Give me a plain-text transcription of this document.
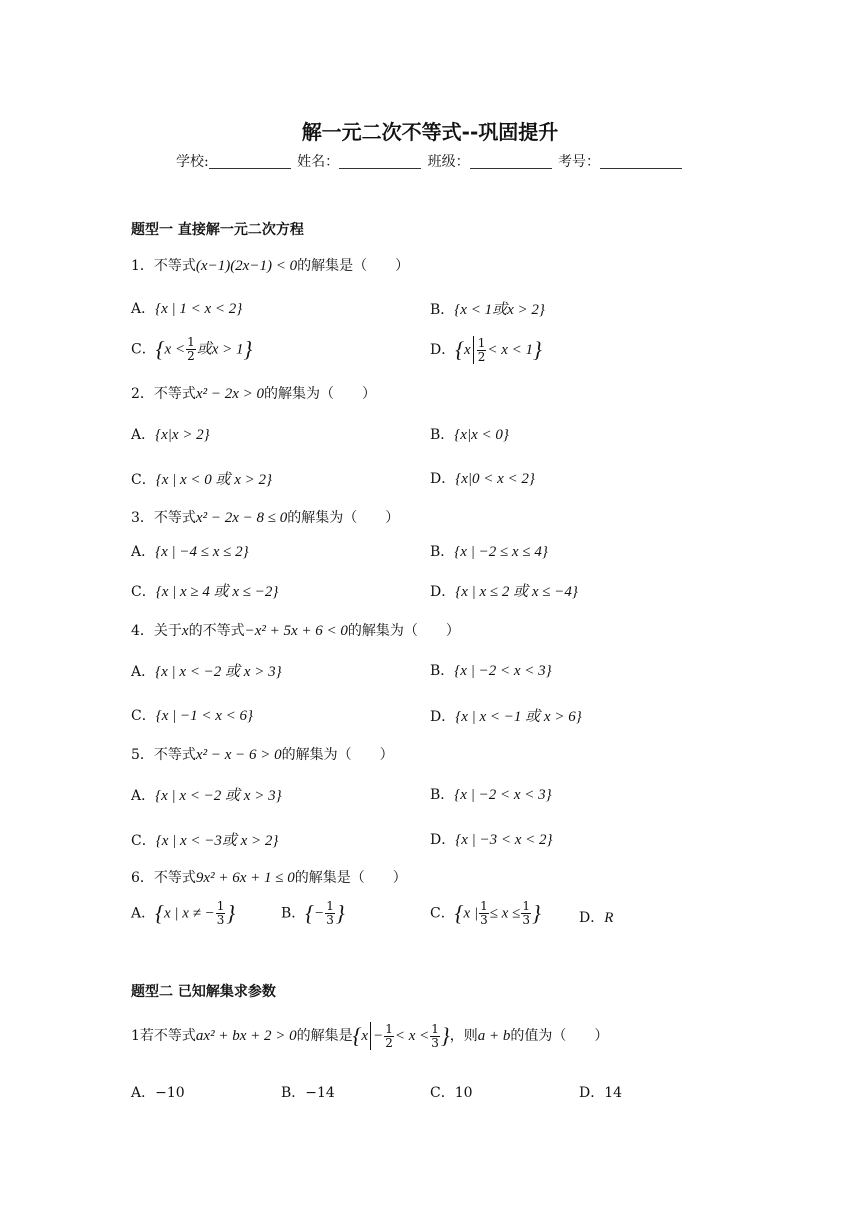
解一元二次不等式--巩固提升
学校:	姓名：	班级：	考号：
题型一 直接解一元二次方程
1．不等式(x−1)(2x−1) < 0的解集是（　　）
A．{x | 1 < x < 2}	B．{x < 1或x > 2}
C．{$x < \frac{1}{2}$ 或x > 1}	D．$\{x \frac{1}{2} < x < 1\}$
2．不等式x² − 2x > 0的解集为（　　）
A．{x|x > 2}	B．{x|x < 0}
C．{x | x < 0 或 x > 2}	D．{x|0 < x < 2}
3．不等式x² − 2x − 8 ≤ 0的解集为（　　）
A．{x | −4 ≤ x ≤ 2}	B．{x | −2 ≤ x ≤ 4}
C．{x | x ≥ 4 或 x ≤ −2}	D．{x | x ≤ 2 或 x ≤ −4}
4．关于x的不等式−x² + 5x + 6 < 0的解集为（　　）
A．{x | x < −2 或 x > 3}	B．{x | −2 < x < 3}
C．{x | −1 < x < 6}	D．{x | x < −1 或 x > 6}
5．不等式x² − x − 6 > 0的解集为（　　）
A．{x | x < −2 或 x > 3}	B．{x | −2 < x < 3}
C．{x | x < −3或 x > 2}	D．{x | −3 < x < 2}
6．不等式9x² + 6x + 1 ≤ 0的解集是（　　）
A．{x | x ≠ − $\frac{1}{3}$ }	B．{− $\frac{1}{3}$ }	C．{x | $\frac{1}{3} \le x \le \frac{1}{3}$ }	D．R
题型二 已知解集求参数
1若不等式ax² + bx + 2 > 0的解集是{$x - \frac{1}{2} < x < \frac{1}{3}$ }，则a + b的值为（　　）
A．−10	B．−14	C．10	D．14
